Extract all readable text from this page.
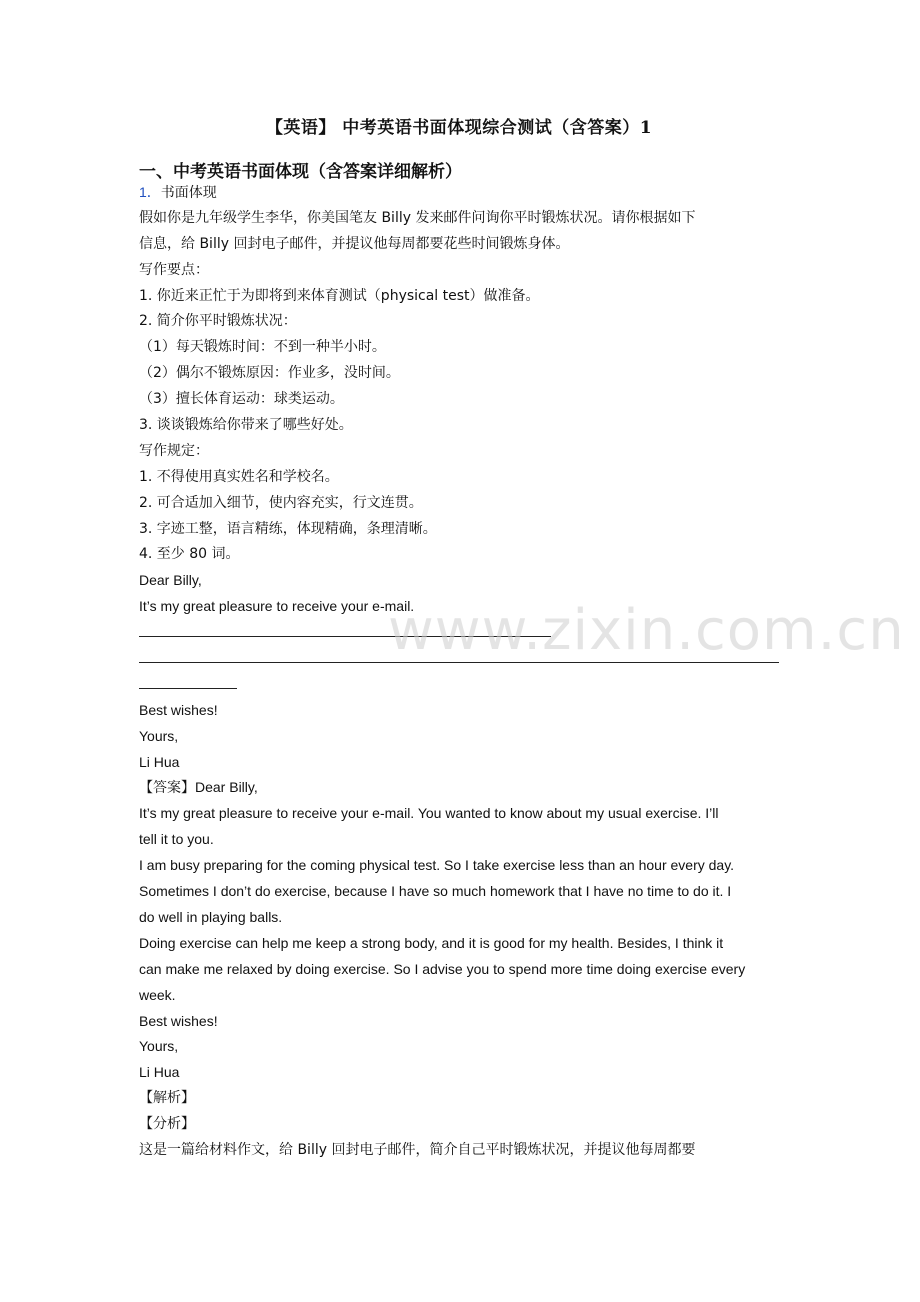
【英语】 中考英语书面体现综合测试（含答案）1
一、中考英语书面体现（含答案详细解析）
1．书面体现
假如你是九年级学生李华，你美国笔友 Billy 发来邮件问询你平时锻炼状况。请你根据如下
信息，给 Billy 回封电子邮件，并提议他每周都要花些时间锻炼身体。
写作要点：
1. 你近来正忙于为即将到来体育测试（physical test）做准备。
2. 简介你平时锻炼状况：
（1）每天锻炼时间：不到一种半小时。
（2）偶尔不锻炼原因：作业多，没时间。
（3）擅长体育运动：球类运动。
3. 谈谈锻炼给你带来了哪些好处。
写作规定：
1. 不得使用真实姓名和学校名。
2. 可合适加入细节，使内容充实，行文连贯。
3. 字迹工整，语言精练，体现精确，条理清晰。
4. 至少 80 词。
Dear Billy,
It’s my great pleasure to receive your e-mail.
Best wishes!
Yours,
Li Hua
【答案】Dear Billy,
It’s my great pleasure to receive your e-mail. You wanted to know about my usual exercise. I’ll
tell it to you.
I am busy preparing for the coming physical test. So I take exercise less than an hour every day.
Sometimes I don’t do exercise, because I have so much homework that I have no time to do it. I
do well in playing balls.
Doing exercise can help me keep a strong body, and it is good for my health. Besides, I think it
can make me relaxed by doing exercise. So I advise you to spend more time doing exercise every
week.
Best wishes!
Yours,
Li Hua
【解析】
【分析】
这是一篇给材料作文，给 Billy 回封电子邮件，简介自己平时锻炼状况，并提议他每周都要
www.zixin.com.cn
